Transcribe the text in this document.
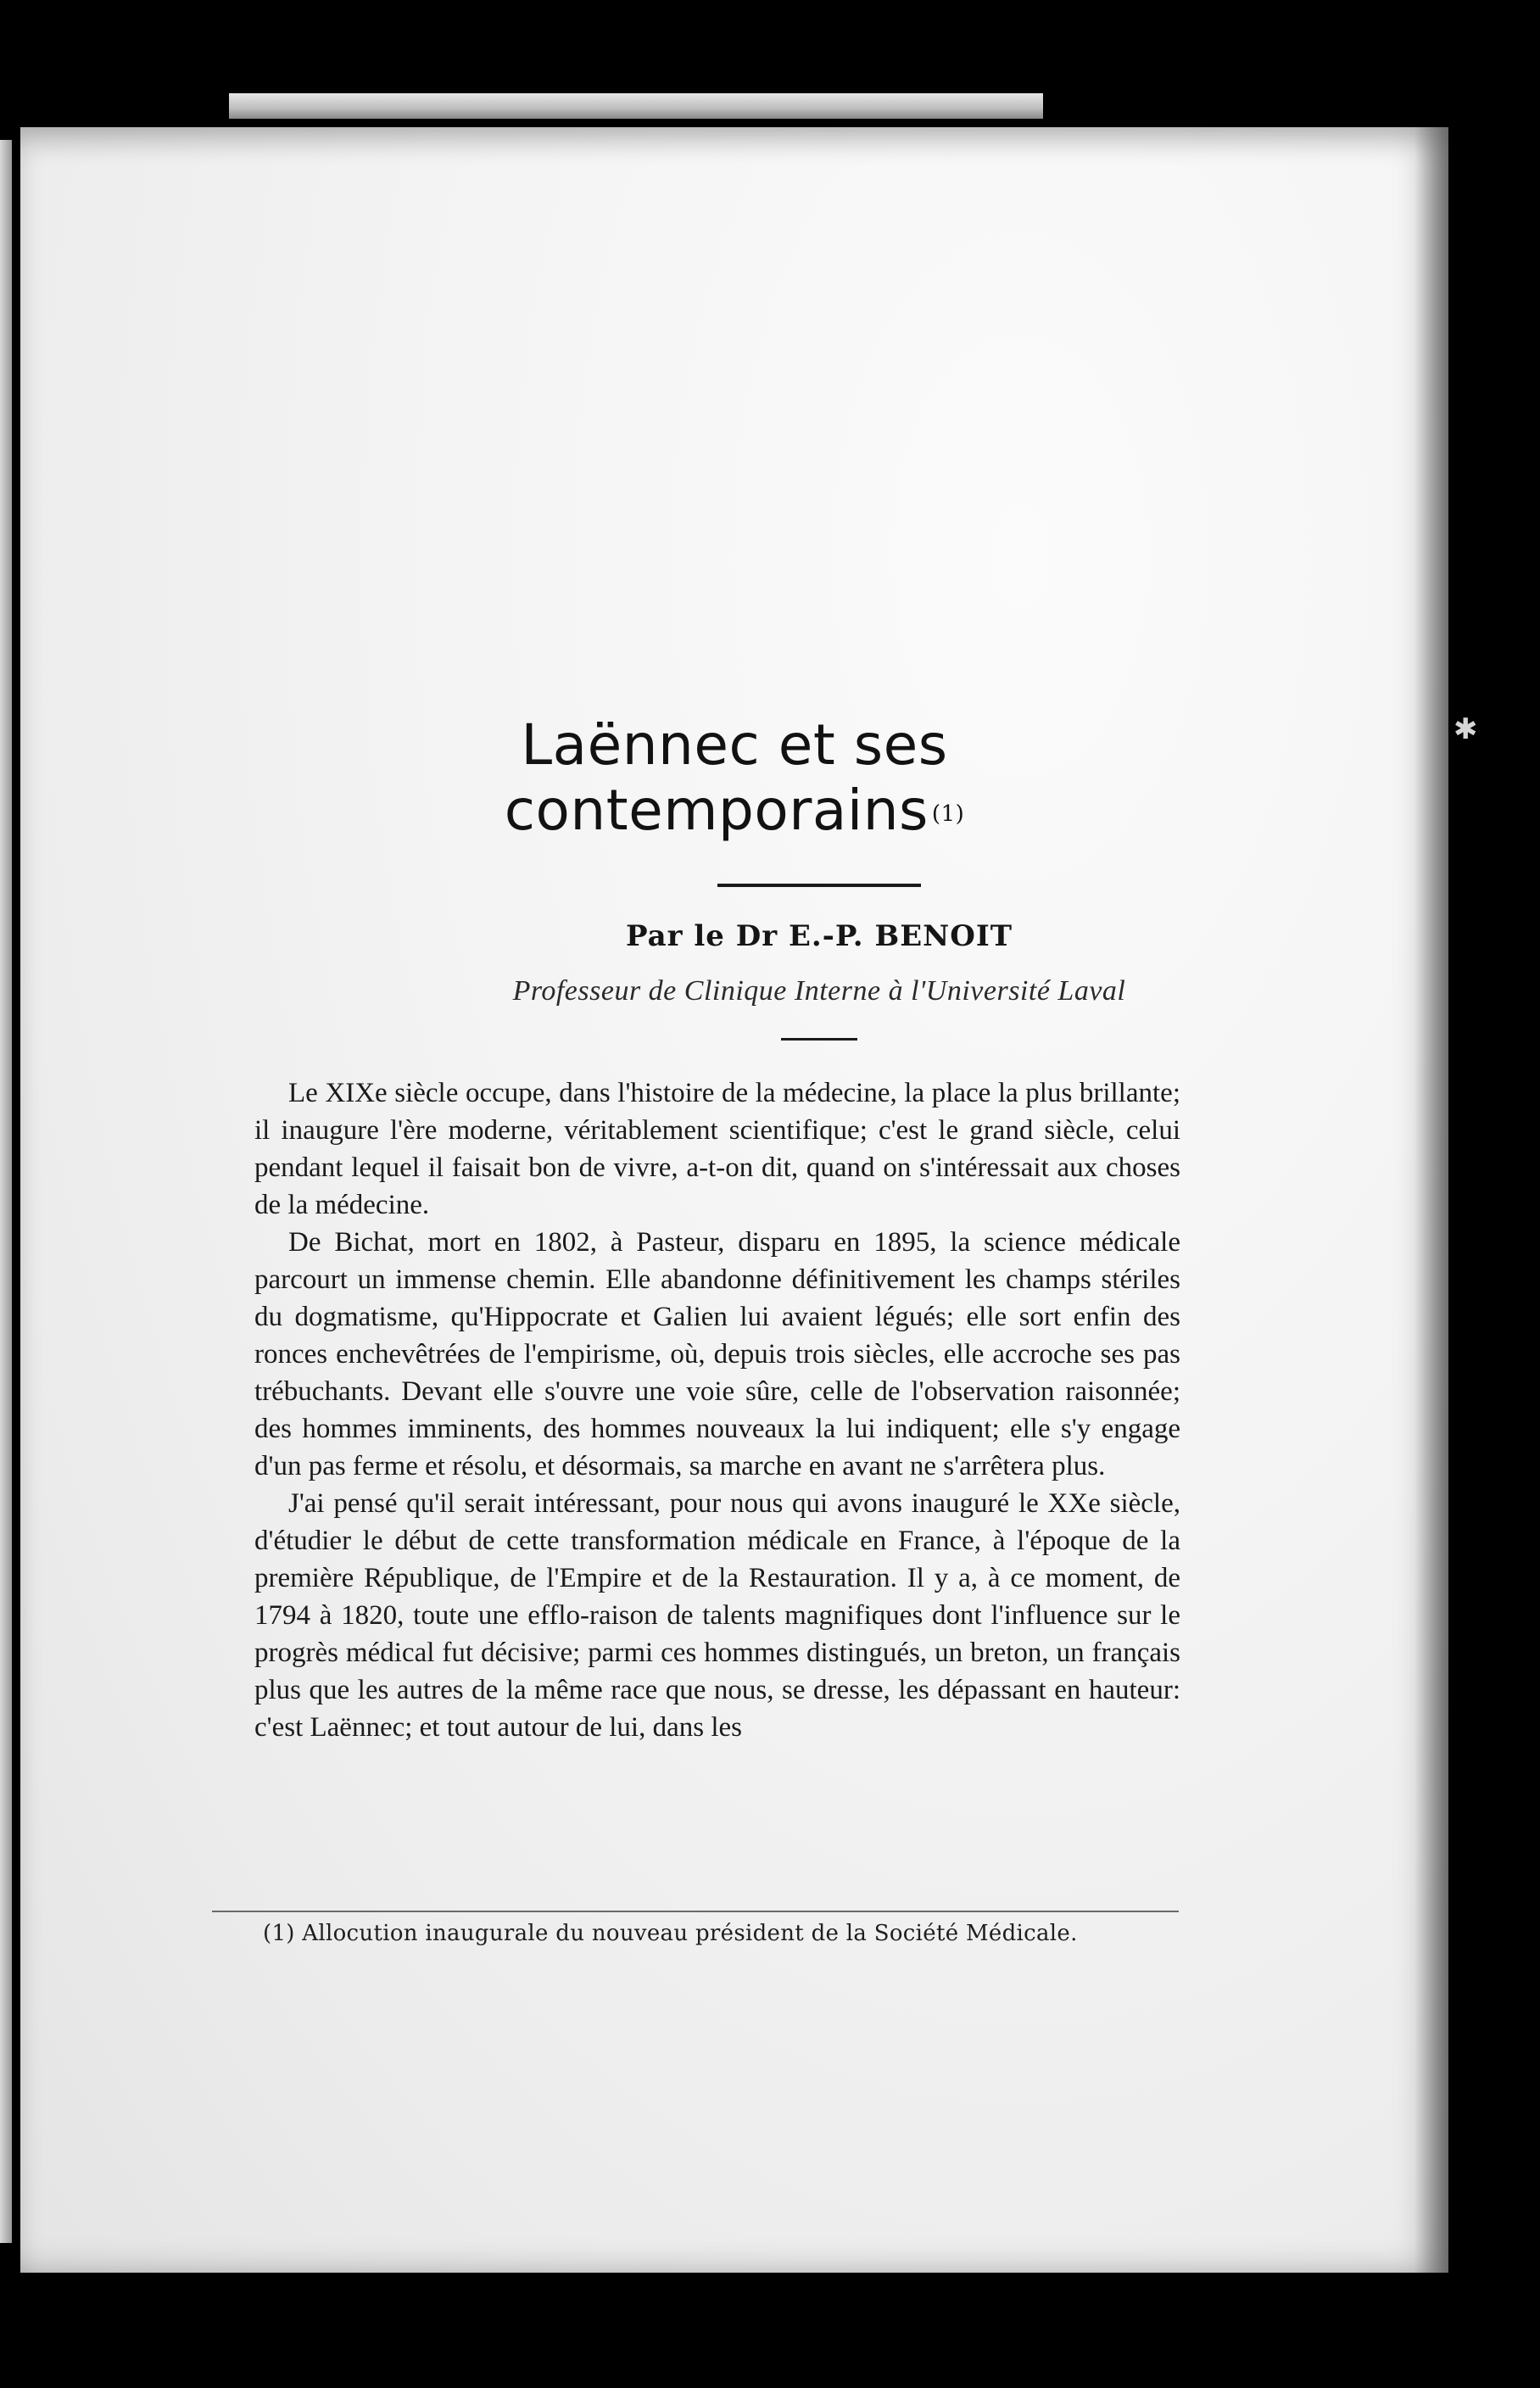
✱
Laënnec et ses contemporains (1)
Par le Dr E.-P. BENOIT
Professeur de Clinique Interne à l'Université Laval

Le XIXe siècle occupe, dans l'histoire de la médecine, la place la plus brillante; il inaugure l'ère moderne, véritablement scientifique; c'est le grand siècle, celui pendant lequel il faisait bon de vivre, a-t-on dit, quand on s'intéressait aux choses de la médecine.

De Bichat, mort en 1802, à Pasteur, disparu en 1895, la science médicale parcourt un immense chemin. Elle abandonne définitivement les champs stériles du dogmatisme, qu'Hippocrate et Galien lui avaient légués; elle sort enfin des ronces enchevêtrées de l'empirisme, où, depuis trois siècles, elle accroche ses pas trébuchants. Devant elle s'ouvre une voie sûre, celle de l'observation raisonnée; des hommes imminents, des hommes nouveaux la lui indiquent; elle s'y engage d'un pas ferme et résolu, et désormais, sa marche en avant ne s'arrêtera plus.

J'ai pensé qu'il serait intéressant, pour nous qui avons inauguré le XXe siècle, d'étudier le début de cette transformation médicale en France, à l'époque de la première République, de l'Empire et de la Restauration. Il y a, à ce moment, de 1794 à 1820, toute une efflo-raison de talents magnifiques dont l'influence sur le progrès médical fut décisive; parmi ces hommes distingués, un breton, un français plus que les autres de la même race que nous, se dresse, les dépassant en hauteur: c'est Laënnec; et tout autour de lui, dans les

(1) Allocution inaugurale du nouveau président de la Société Médicale.
